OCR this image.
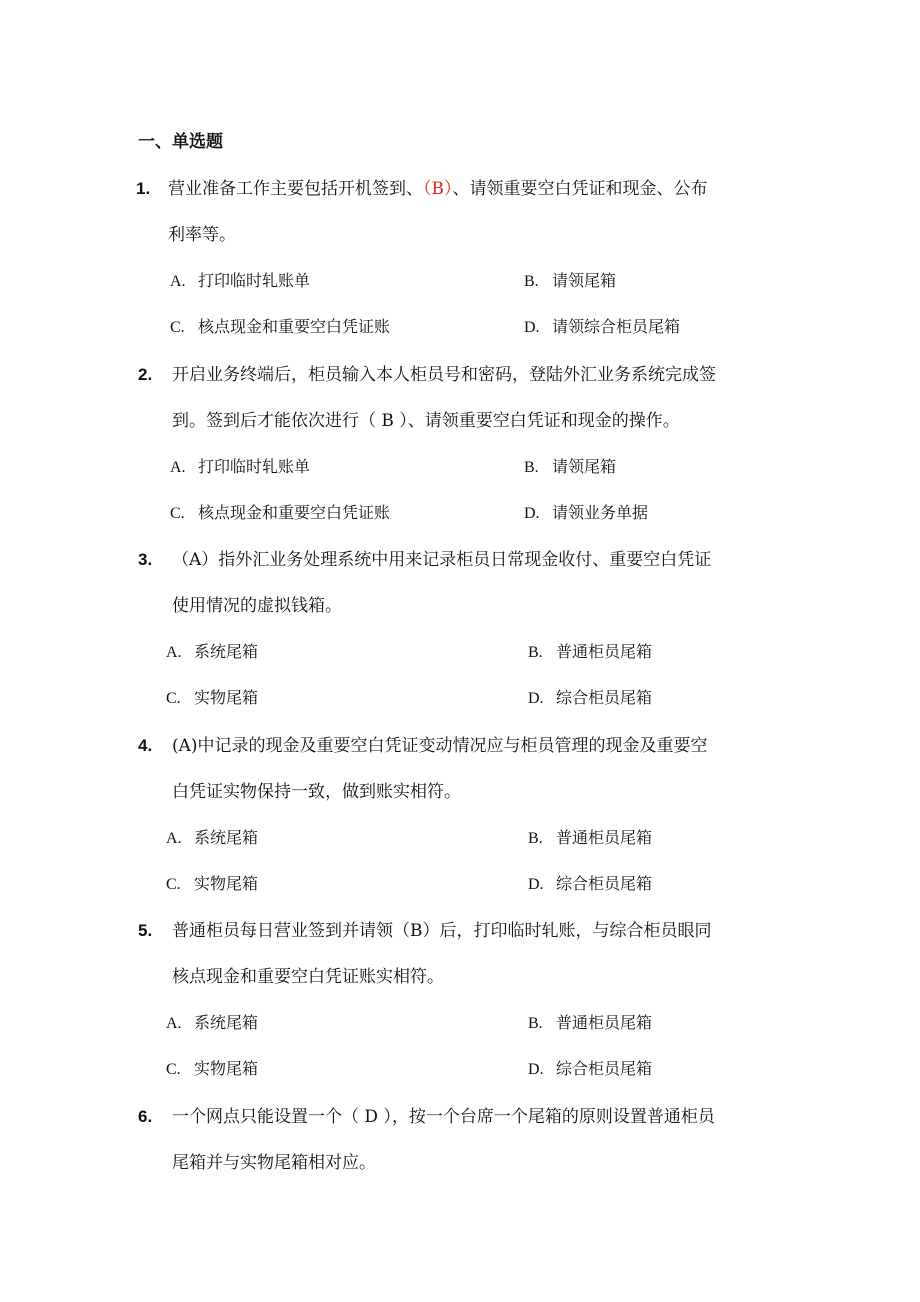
一、单选题
1. 营业准备工作主要包括开机签到、（B）、请领重要空白凭证和现金、公布
利率等。
A. 打印临时轧账单	B. 请领尾箱
C. 核点现金和重要空白凭证账	D. 请领综合柜员尾箱
2. 开启业务终端后，柜员输入本人柜员号和密码，登陆外汇业务系统完成签
到。签到后才能依次进行（ B ）、请领重要空白凭证和现金的操作。
A. 打印临时轧账单	B. 请领尾箱
C. 核点现金和重要空白凭证账	D. 请领业务单据
3. （A）指外汇业务处理系统中用来记录柜员日常现金收付、重要空白凭证
使用情况的虚拟钱箱。
A. 系统尾箱	B. 普通柜员尾箱
C. 实物尾箱	D. 综合柜员尾箱
4. (A)中记录的现金及重要空白凭证变动情况应与柜员管理的现金及重要空
白凭证实物保持一致，做到账实相符。
A. 系统尾箱	B. 普通柜员尾箱
C. 实物尾箱	D. 综合柜员尾箱
5. 普通柜员每日营业签到并请领（B）后，打印临时轧账，与综合柜员眼同
核点现金和重要空白凭证账实相符。
A. 系统尾箱	B. 普通柜员尾箱
C. 实物尾箱	D. 综合柜员尾箱
6. 一个网点只能设置一个（ D ），按一个台席一个尾箱的原则设置普通柜员
尾箱并与实物尾箱相对应。
